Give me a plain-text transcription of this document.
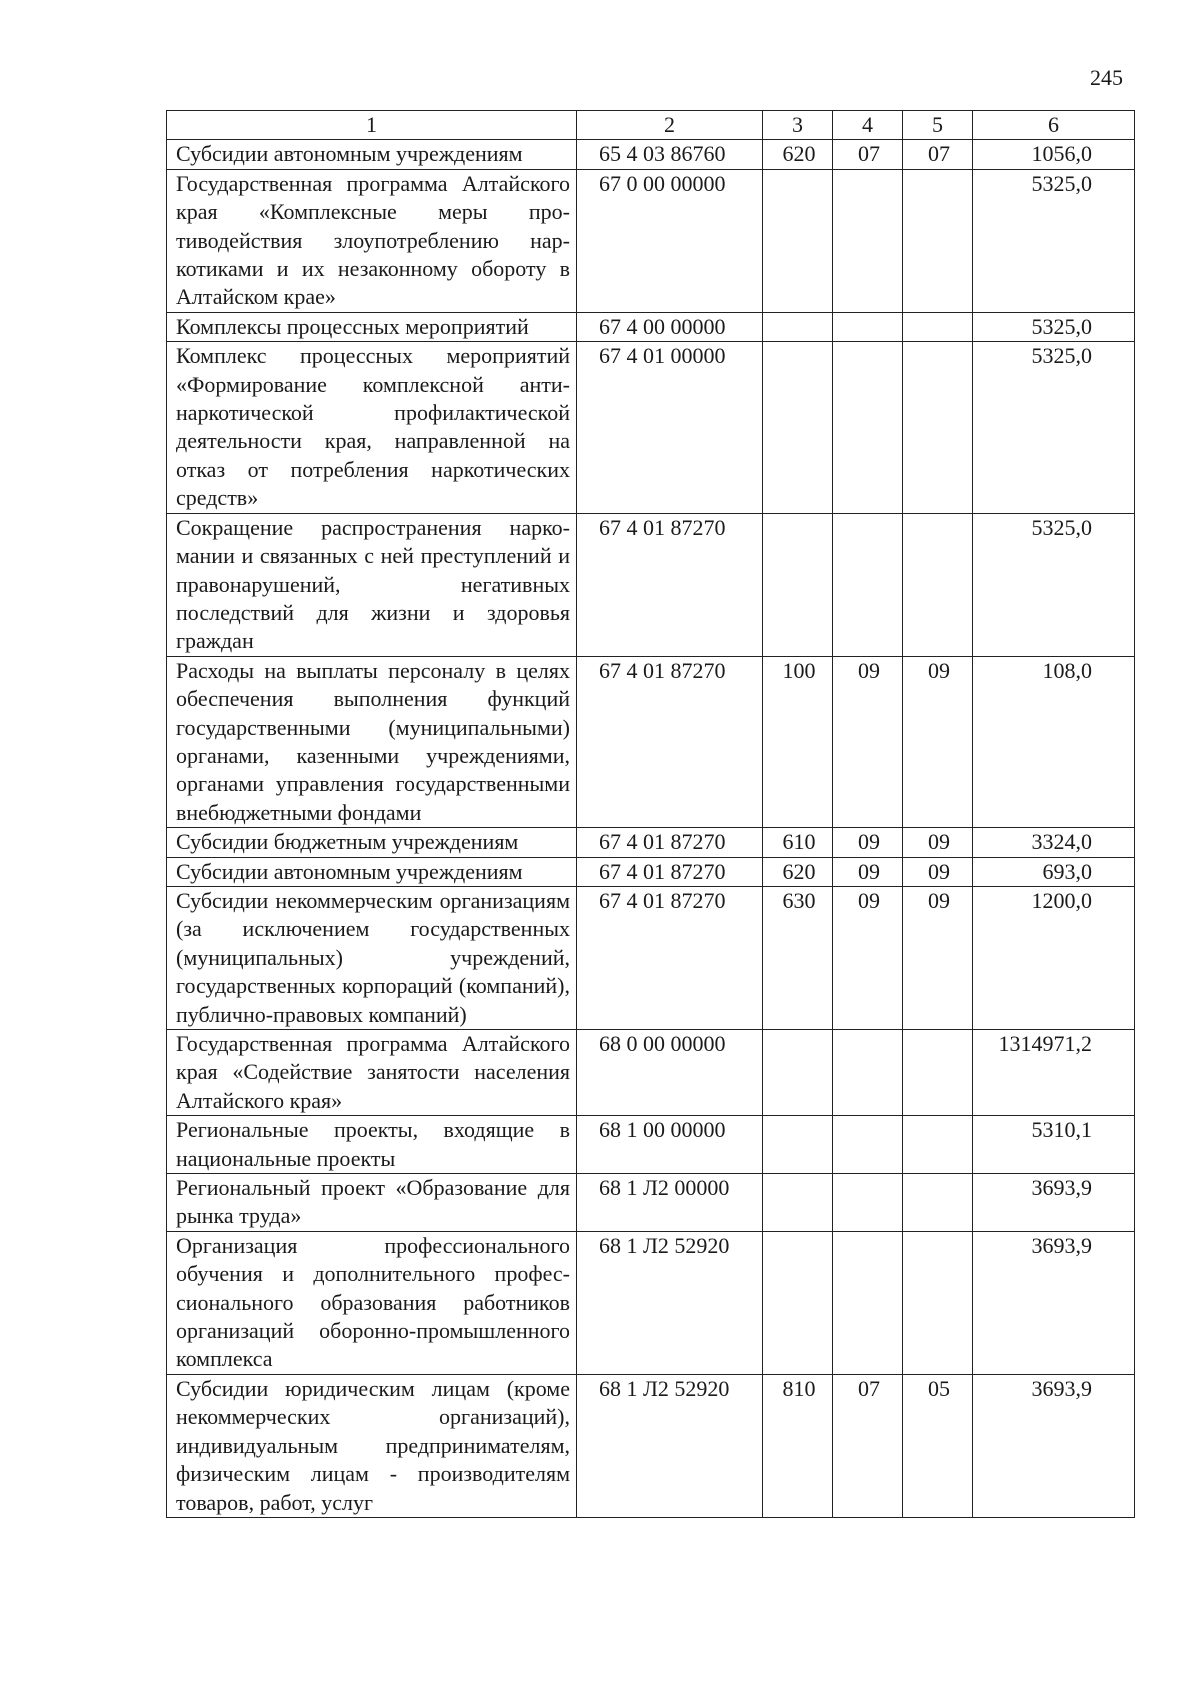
245
1	2	3	4	5	6
Субсидии автономным учреждениям	65 4 03 86760	620	07	07	1056,0
Государственная программа Алтайского края «Комплексные меры противодействия злоупотреблению наркотиками и их незаконному обороту в Алтайском крае»	67 0 00 00000				5325,0
Комплексы процессных мероприятий	67 4 00 00000				5325,0
Комплекс процессных мероприятий «Формирование комплексной антинаркотической профилактической деятельности края, направленной на отказ от потребления наркотических средств»	67 4 01 00000				5325,0
Сокращение распространения наркомании и связанных с ней преступлений и правонарушений, негативных последствий для жизни и здоровья граждан	67 4 01 87270				5325,0
Расходы на выплаты персоналу в целях обеспечения выполнения функций государственными (муниципальными) органами, казенными учреждениями, органами управления государственными внебюджетными фондами	67 4 01 87270	100	09	09	108,0
Субсидии бюджетным учреждениям	67 4 01 87270	610	09	09	3324,0
Субсидии автономным учреждениям	67 4 01 87270	620	09	09	693,0
Субсидии некоммерческим организациям (за исключением государственных (муниципальных) учреждений, государственных корпораций (компаний), публично-правовых компаний)	67 4 01 87270	630	09	09	1200,0
Государственная программа Алтайского края «Содействие занятости населения Алтайского края»	68 0 00 00000				1314971,2
Региональные проекты, входящие в национальные проекты	68 1 00 00000				5310,1
Региональный проект «Образование для рынка труда»	68 1 Л2 00000				3693,9
Организация профессионального обучения и дополнительного профессионального образования работников организаций оборонно-промышленного комплекса	68 1 Л2 52920				3693,9
Субсидии юридическим лицам (кроме некоммерческих организаций), индивидуальным предпринимателям, физическим лицам - производителям товаров, работ, услуг	68 1 Л2 52920	810	07	05	3693,9
